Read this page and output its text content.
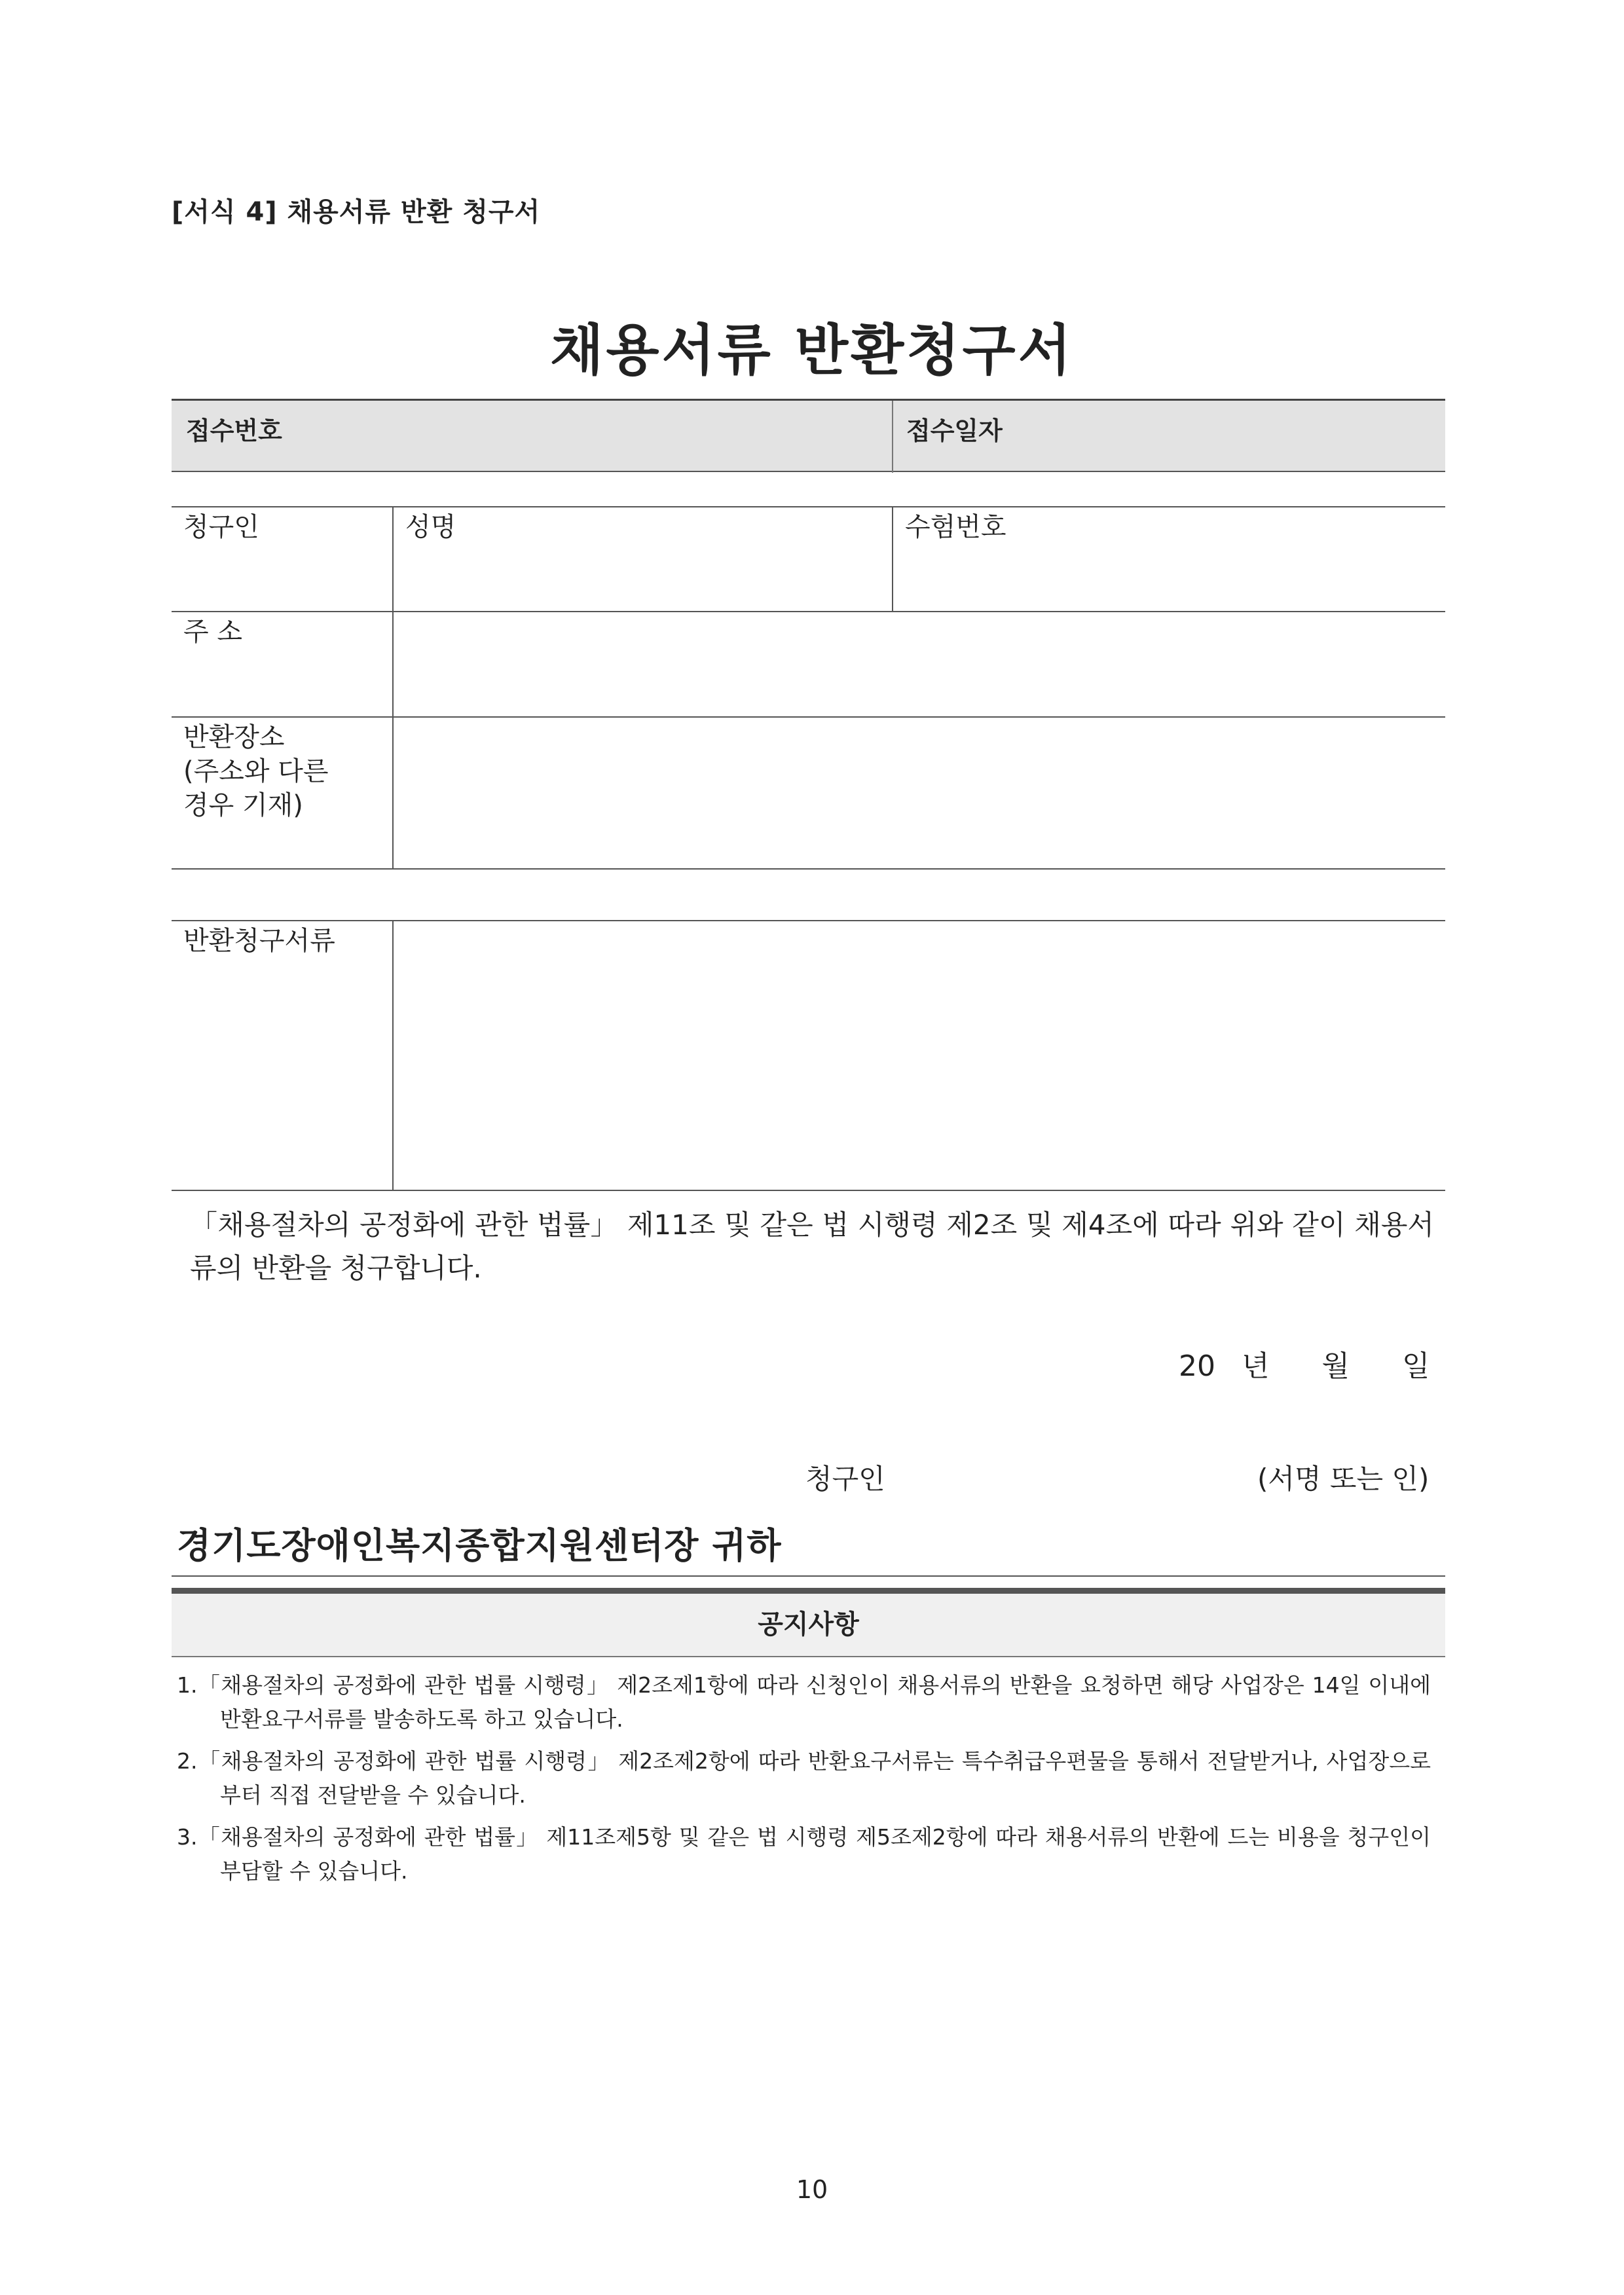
[서식 4] 채용서류 반환 청구서
채용서류 반환청구서
접수번호	접수일자
청구인	성명	수험번호
주 소		

반환장소
(주소와 다른
경우 기재)		

반환청구서류	
「채용절차의 공정화에 관한 법률」 제11조 및 같은 법 시행령 제2조 및 제4조에 따라 위와 같이 채용서류의 반환을 청구합니다.
20 년 월 일
청구인	(서명 또는 인)
경기도장애인복지종합지원센터장 귀하
공지사항
1.「채용절차의 공정화에 관한 법률 시행령」 제2조제1항에 따라 신청인이 채용서류의 반환을 요청하면 해당 사업장은 14일 이내에 반환요구서류를 발송하도록 하고 있습니다.
2.「채용절차의 공정화에 관한 법률 시행령」 제2조제2항에 따라 반환요구서류는 특수취급우편물을 통해서 전달받거나, 사업장으로부터 직접 전달받을 수 있습니다.
3.「채용절차의 공정화에 관한 법률」 제11조제5항 및 같은 법 시행령 제5조제2항에 따라 채용서류의 반환에 드는 비용을 청구인이 부담할 수 있습니다.
10
